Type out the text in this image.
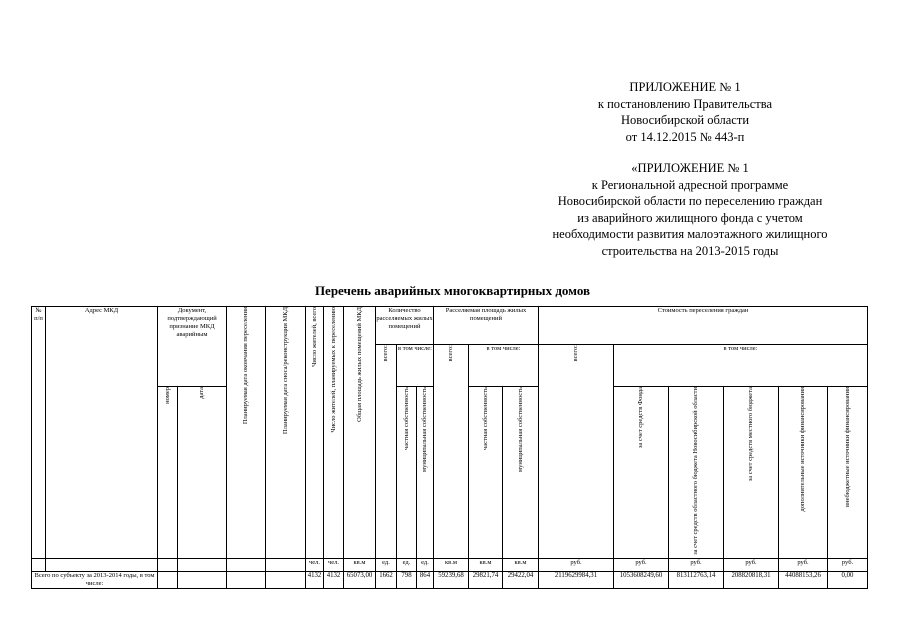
ПРИЛОЖЕНИЕ № 1
к постановлению Правительства
Новосибирской области
от 14.12.2015 № 443-п
«ПРИЛОЖЕНИЕ № 1
к Региональной адресной программе
Новосибирской области по переселению граждан
из аварийного жилищного фонда с учетом
необходимости развития малоэтажного жилищного
строительства на 2013-2015 годы
Перечень аварийных многоквартирных домов
№ п/п	Адрес МКД	Документ, подтверждающий признание МКД аварийным		Планируемая дата окончания переселения	Планируемая дата сноса/реконструкции МКД	Число жителей, всего	Число жителей, планируемых к переселению	Общая площадь жилых помещений МКД	Количество расселяемых жилых помещений			Расселяемая площадь жилых помещений			Стоимость переселения граждан					
									всего:	в том числе:		всего:	в том числе:		всего:	в том числе:				
		номер	дата							частная собственность	муниципальная собственность		частная собственность	муниципальная собственность		за счет средств Фонда	за счет средств областного бюджета Новосибирской области	за счет средств местного бюджета	дополнительные источники финансирования	внебюджетные источники финансирования

						чел.	чел.	кв.м	ед.	ед.	ед.	кв.м	кв.м	кв.м	руб.	руб.	руб.	руб.	руб.	руб.
Всего по субъекту за 2013-2014 годы, в том числе:						4132	4132	65073,00	1662	798	864	59239,68	29821,74	29422,04	2119629984,31	1053608249,60	813112763,14	208820818,31	44088153,26	0,00
